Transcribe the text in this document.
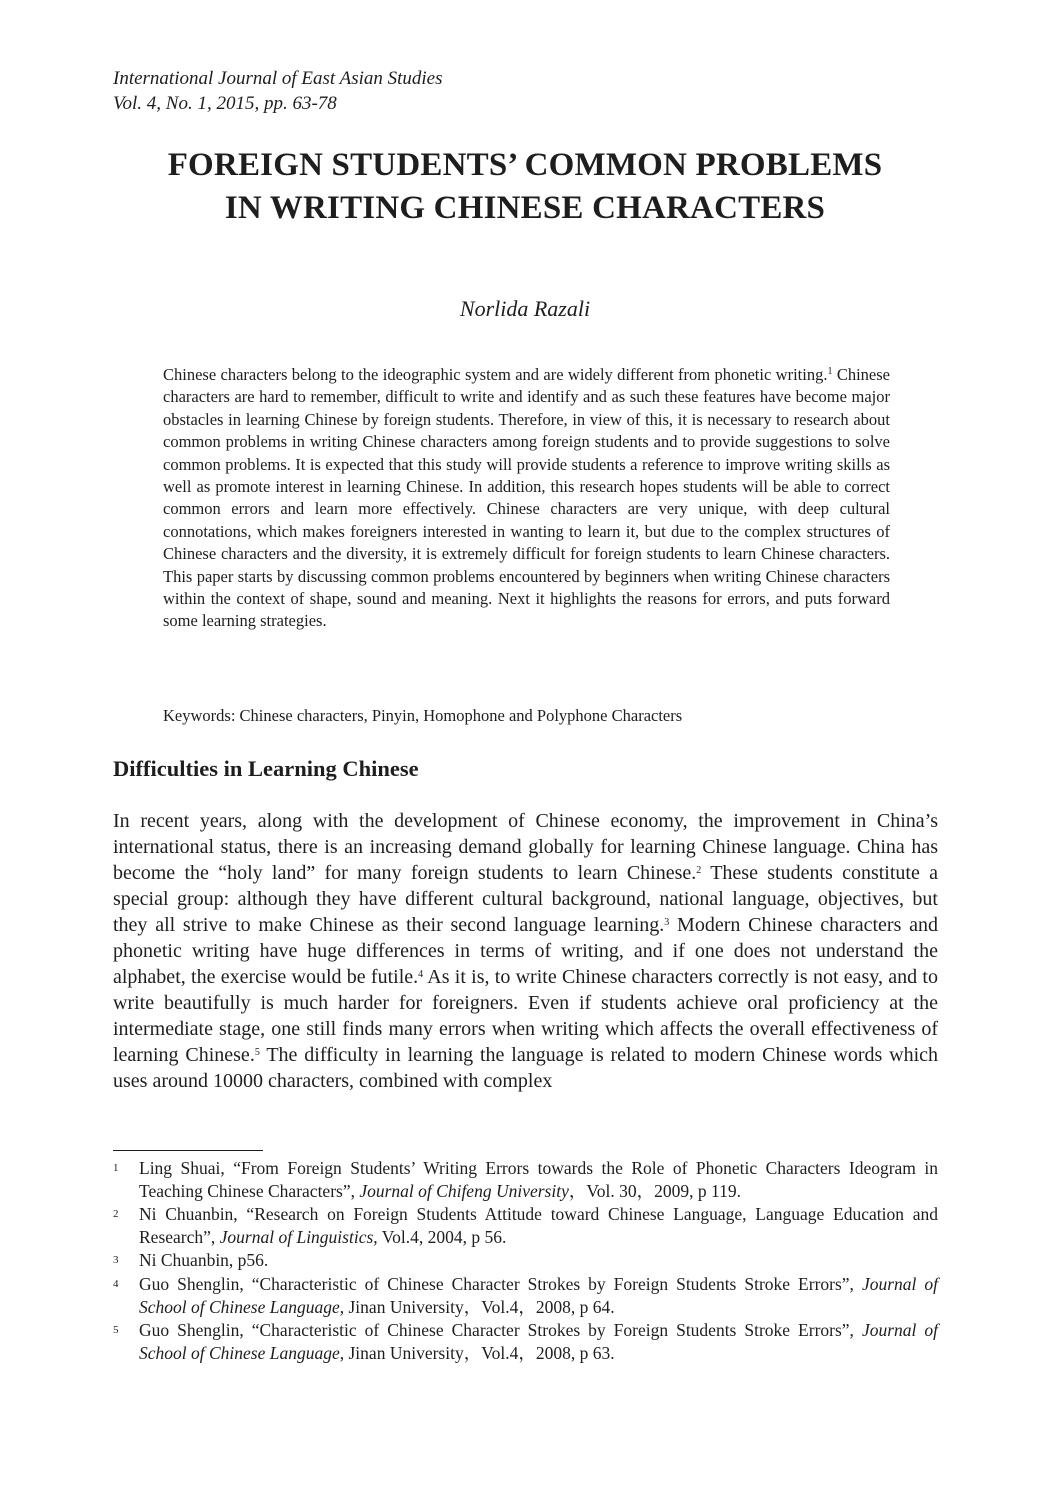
International Journal of East Asian Studies
Vol. 4, No. 1, 2015, pp. 63-78
FOREIGN STUDENTS’ COMMON PROBLEMS
IN WRITING CHINESE CHARACTERS
Norlida Razali
Chinese characters belong to the ideographic system and are widely different from phonetic writing.$^1$ Chinese characters are hard to remember, difficult to write and identify and as such these features have become major obstacles in learning Chinese by foreign students. Therefore, in view of this, it is necessary to research about common problems in writing Chinese characters among foreign students and to provide suggestions to solve common problems. It is expected that this study will provide students a reference to improve writing skills as well as promote interest in learning Chinese. In addition, this research hopes students will be able to correct common errors and learn more effectively. Chinese characters are very unique, with deep cultural connotations, which makes foreigners interested in wanting to learn it, but due to the complex structures of Chinese characters and the diversity, it is extremely difficult for foreign students to learn Chinese characters. This paper starts by discussing common problems encountered by beginners when writing Chinese characters within the context of shape, sound and meaning. Next it highlights the reasons for errors, and puts forward some learning strategies.
Keywords: Chinese characters, Pinyin, Homophone and Polyphone Characters
Difficulties in Learning Chinese
In recent years, along with the development of Chinese economy, the improvement in China’s international status, there is an increasing demand globally for learning Chinese language. China has become the “holy land” for many foreign students to learn Chinese.$^2$ These students constitute a special group: although they have different cultural background, national language, objectives, but they all strive to make Chinese as their second language learning.$^3$ Modern Chinese characters and phonetic writing have huge differences in terms of writing, and if one does not understand the alphabet, the exercise would be futile.$^4$ As it is, to write Chinese characters correctly is not easy, and to write beautifully is much harder for foreigners. Even if students achieve oral proficiency at the intermediate stage, one still finds many errors when writing which affects the overall effectiveness of learning Chinese.$^5$ The difficulty in learning the language is related to modern Chinese words which uses around 10000 characters, combined with complex
1 Ling Shuai, “From Foreign Students’ Writing Errors towards the Role of Phonetic Characters Ideogram in Teaching Chinese Characters”, Journal of Chifeng University，Vol. 30，2009, p 119.
2 Ni Chuanbin, “Research on Foreign Students Attitude toward Chinese Language, Language Education and Research”, Journal of Linguistics, Vol.4, 2004, p 56.
3 Ni Chuanbin, p56.
4 Guo Shenglin, “Characteristic of Chinese Character Strokes by Foreign Students Stroke Errors”, Journal of School of Chinese Language, Jinan University，Vol.4，2008, p 64.
5 Guo Shenglin, “Characteristic of Chinese Character Strokes by Foreign Students Stroke Errors”, Journal of School of Chinese Language, Jinan University，Vol.4，2008, p 63.
